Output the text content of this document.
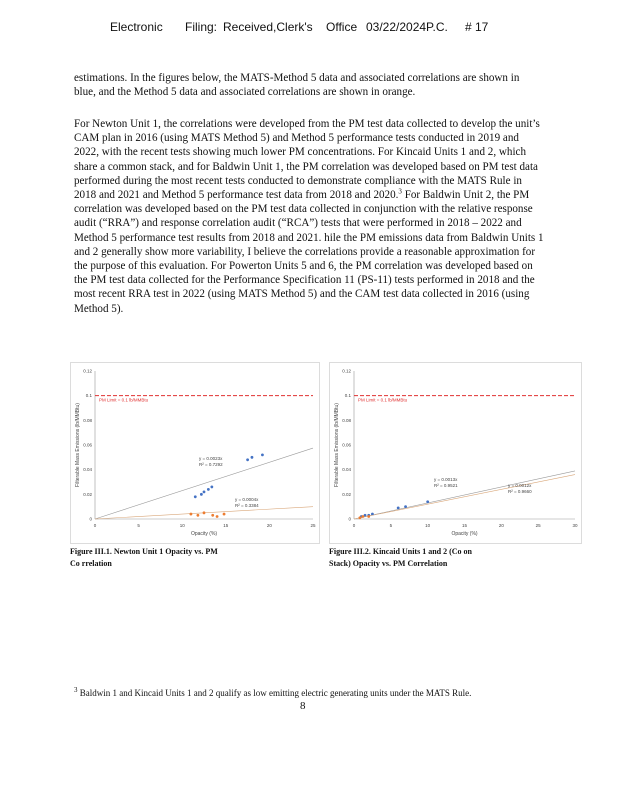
Electronic Filing: Received,Clerk's Office 03/22/2024P.C. # 17

estimations. In the figures below, the MATS-Method 5 data and associated correlations are shown in blue, and the Method 5 data and associated correlations are shown in orange.

For Newton Unit 1, the correlations were developed from the PM test data collected to develop the unit’s CAM plan in 2016 (using MATS Method 5) and Method 5 performance tests conducted in 2019 and 2022, with the recent tests showing much lower PM concentrations. For Kincaid Units 1 and 2, which share a common stack, and for Baldwin Unit 1, the PM correlation was developed based on PM test data performed during the most recent tests conducted to demonstrate compliance with the MATS Rule in 2018 and 2021 and Method 5 performance test data from 2018 and 2020.$^3$ For Baldwin Unit 2, the PM correlation was developed based on the PM test data collected in conjunction with the relative response audit (“RRA”) and response correlation audit (“RCA”) tests that were performed in 2018 – 2022 and Method 5 performance test results from 2018 and 2021. hile the PM emissions data from Baldwin Units 1 and 2 generally show more variability, I believe the correlations provide a reasonable approximation for the purpose of this evaluation. For Powerton Units 5 and 6, the PM correlation was developed based on the PM test data collected for the Performance Specification 11 (PS-11) tests performed in 2018 and the most recent RRA test in 2022 (using MATS Method 5) and the CAM test data collected in 2016 (using Method 5).

0	5	10	15	20	25
0
0.02
0.04
0.06
0.08
0.1
0.12
Opacity (%)
Filterable Mass Emissions (lb/MMBtu)
PM Limit = 0.1 lb/MMBtu
y = 0.0023x
R² = 0.7292
y = 0.0004x
R² = 0.3384
0	5	10	15	20	25	30
0
0.02
0.04
0.06
0.08
0.1
0.12
Opacity (%)
Filterable Mass Emissions (lb/MMBtu)
PM Limit = 0.1 lb/MMBtu
y = 0.0013x
R² = 0.9521	y = 0.0012x
R² = 0.9660
Figure III.1. Newton Unit 1 Opacity vs. PM
Co rrelation
Figure III.2. Kincaid Units 1 and 2 (Co on
Stack) Opacity vs. PM Correlation
$^3$ Baldwin 1 and Kincaid Units 1 and 2 qualify as low emitting electric generating units under the MATS Rule.
8
